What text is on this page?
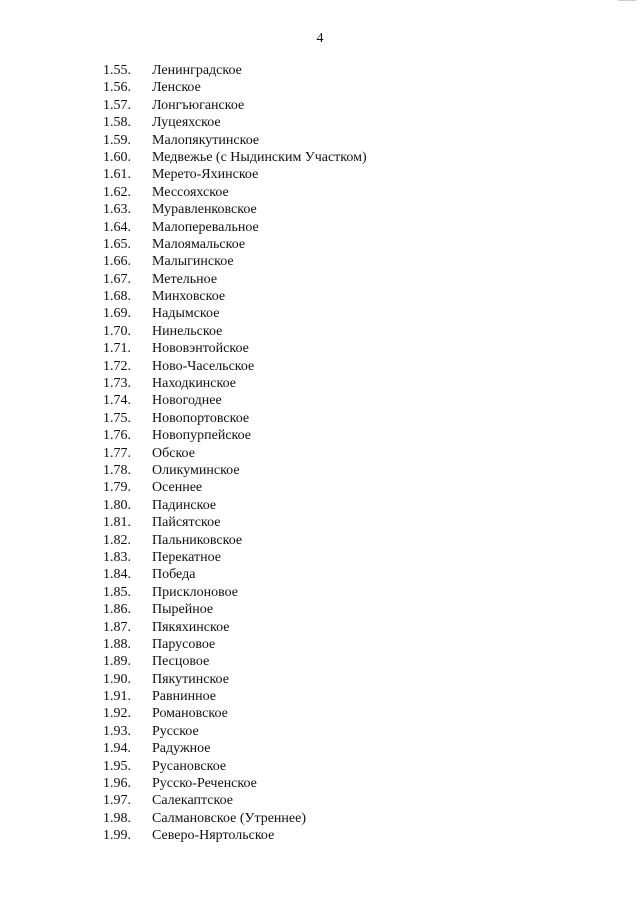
4
1.55.	Ленинградское
1.56.	Ленское
1.57.	Лонгъюганское
1.58.	Луцеяхское
1.59.	Малопякутинское
1.60.	Медвежье (с Ныдинским Участком)
1.61.	Мерето-Яхинское
1.62.	Мессояхское
1.63.	Муравленковское
1.64.	Малоперевальное
1.65.	Малоямальское
1.66.	Малыгинское
1.67.	Метельное
1.68.	Минховское
1.69.	Надымское
1.70.	Нинельское
1.71.	Нововэнтойское
1.72.	Ново-Часельское
1.73.	Находкинское
1.74.	Новогоднее
1.75.	Новопортовское
1.76.	Новопурпейское
1.77.	Обское
1.78.	Оликуминское
1.79.	Осеннее
1.80.	Падинское
1.81.	Пайсятское
1.82.	Пальниковское
1.83.	Перекатное
1.84.	Победа
1.85.	Присклоновое
1.86.	Пырейное
1.87.	Пякяхинское
1.88.	Парусовое
1.89.	Песцовое
1.90.	Пякутинское
1.91.	Равнинное
1.92.	Романовское
1.93.	Русское
1.94.	Радужное
1.95.	Русановское
1.96.	Русско-Реченское
1.97.	Салекаптское
1.98.	Салмановское (Утреннее)
1.99.	Северо-Няртольское
